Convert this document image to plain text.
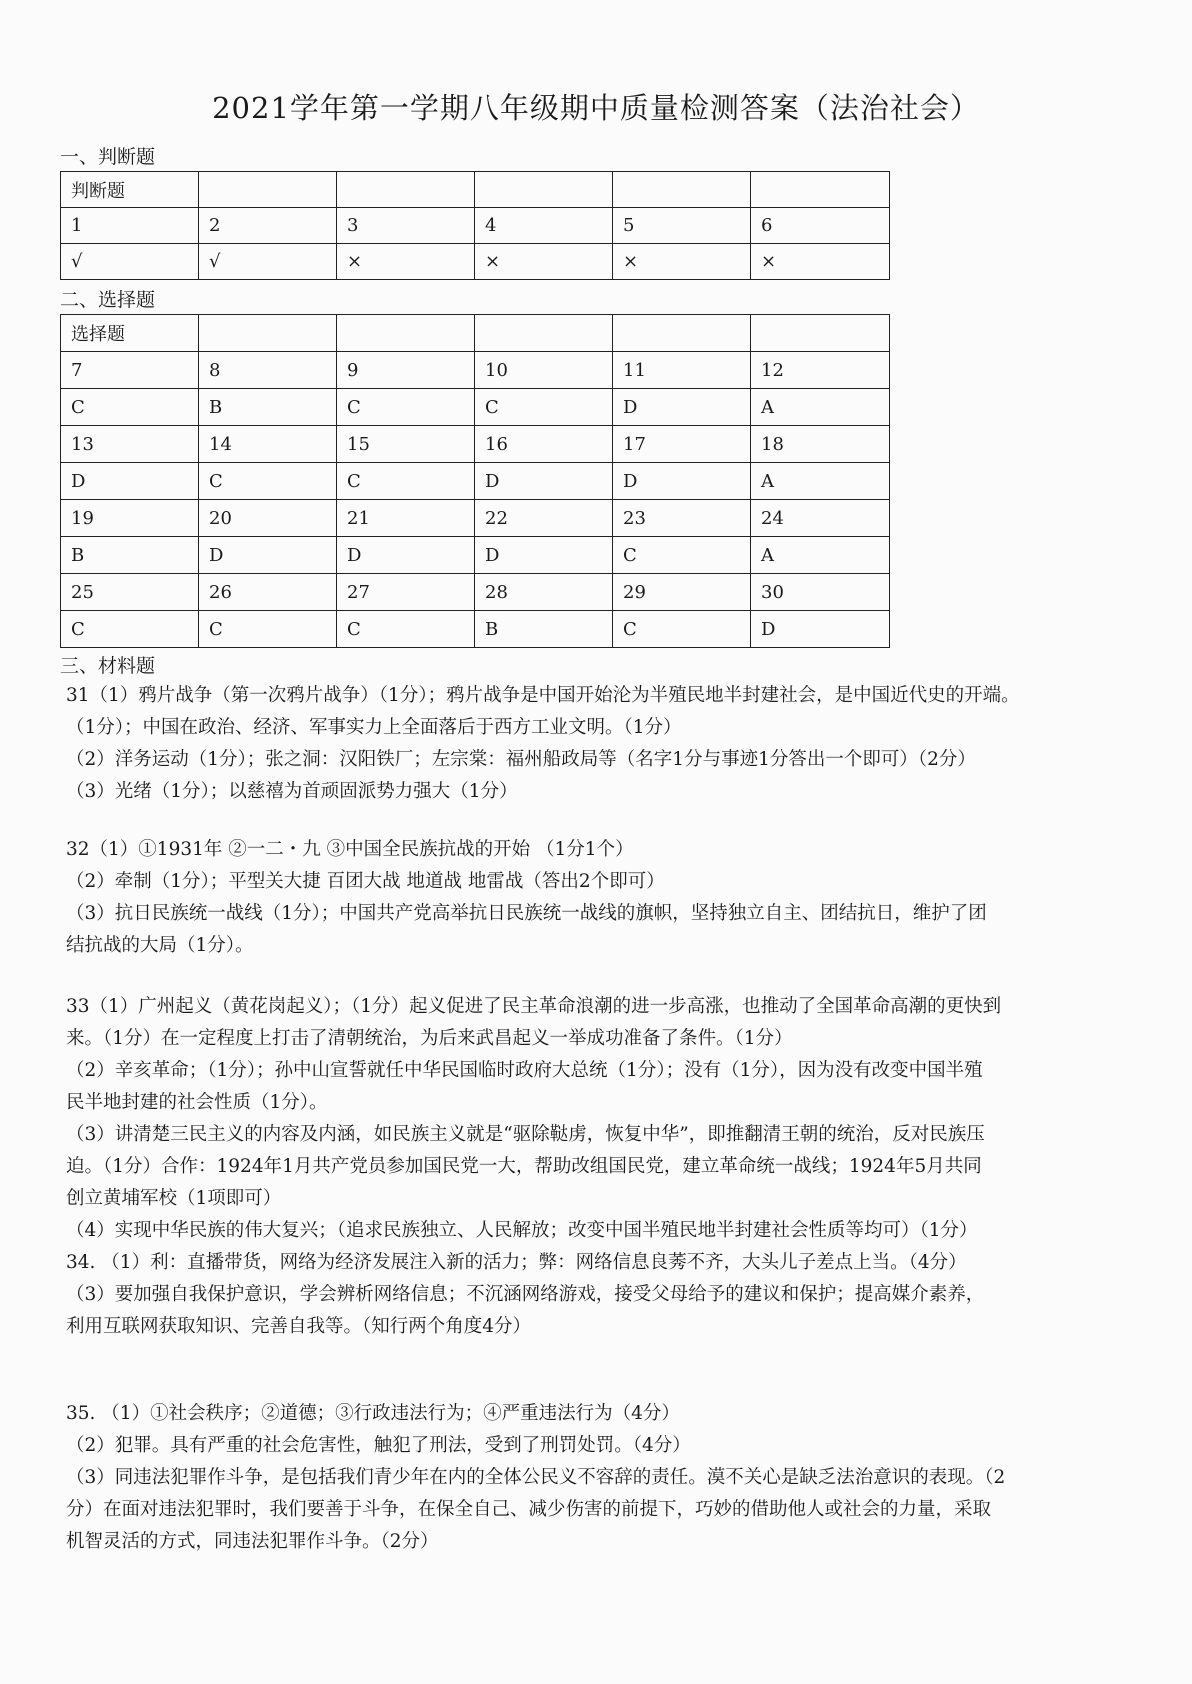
2021学年第一学期八年级期中质量检测答案（法治社会）
一、判断题
判断题					
1	2	3	4	5	6
√	√	×	×	×	×
二、选择题
选择题					
7	8	9	10	11	12
C	B	C	C	D	A
13	14	15	16	17	18
D	C	C	D	D	A
19	20	21	22	23	24
B	D	D	D	C	A
25	26	27	28	29	30
C	C	C	B	C	D
三、材料题

31（1）鸦片战争（第一次鸦片战争）（1分）；鸦片战争是中国开始沦为半殖民地半封建社会，是中国近代史的开端。

（1分）；中国在政治、经济、军事实力上全面落后于西方工业文明。（1分）

（2）洋务运动（1分）；张之洞：汉阳铁厂；左宗棠：福州船政局等（名字1分与事迹1分答出一个即可）（2分）

（3）光绪（1分）；以慈禧为首顽固派势力强大（1分）

32（1）①1931年 ②一二・九 ③中国全民族抗战的开始 （1分1个）

（2）牵制（1分）；平型关大捷 百团大战 地道战 地雷战（答出2个即可）

（3）抗日民族统一战线（1分）；中国共产党高举抗日民族统一战线的旗帜，坚持独立自主、团结抗日，维护了团

结抗战的大局（1分）。

33（1）广州起义（黄花岗起义）；（1分）起义促进了民主革命浪潮的进一步高涨，也推动了全国革命高潮的更快到

来。（1分）在一定程度上打击了清朝统治，为后来武昌起义一举成功准备了条件。（1分）

（2）辛亥革命；（1分）；孙中山宣誓就任中华民国临时政府大总统（1分）；没有（1分），因为没有改变中国半殖

民半地封建的社会性质（1分）。

（3）讲清楚三民主义的内容及内涵，如民族主义就是“驱除鞑虏，恢复中华”，即推翻清王朝的统治，反对民族压

迫。（1分）合作：1924年1月共产党员参加国民党一大，帮助改组国民党，建立革命统一战线；1924年5月共同

创立黄埔军校（1项即可）

（4）实现中华民族的伟大复兴；（追求民族独立、人民解放；改变中国半殖民地半封建社会性质等均可）（1分）

34. （1）利：直播带货，网络为经济发展注入新的活力；弊：网络信息良莠不齐，大头儿子差点上当。（4分）

（3）要加强自我保护意识，学会辨析网络信息；不沉涵网络游戏，接受父母给予的建议和保护；提高媒介素养，

利用互联网获取知识、完善自我等。（知行两个角度4分）

35. （1）①社会秩序；②道德；③行政违法行为；④严重违法行为（4分）

（2）犯罪。具有严重的社会危害性，触犯了刑法，受到了刑罚处罚。（4分）

（3）同违法犯罪作斗争，是包括我们青少年在内的全体公民义不容辞的责任。漠不关心是缺乏法治意识的表现。（2

分）在面对违法犯罪时，我们要善于斗争，在保全自己、减少伤害的前提下，巧妙的借助他人或社会的力量，采取

机智灵活的方式，同违法犯罪作斗争。（2分）
